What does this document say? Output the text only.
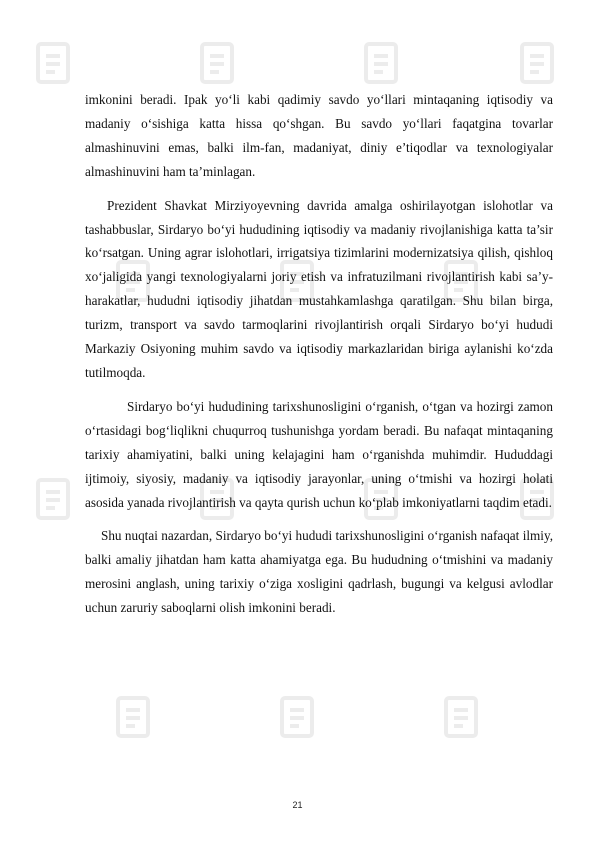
imkonini beradi. Ipak yo‘li kabi qadimiy savdo yo‘llari mintaqaning iqtisodiy va madaniy o‘sishiga katta hissa qo‘shgan. Bu savdo yo‘llari faqatgina tovarlar almashinuvini emas, balki ilm-fan, madaniyat, diniy e’tiqodlar va texnologiyalar almashinuvini ham ta’minlagan.

Prezident Shavkat Mirziyoyevning davrida amalga oshirilayotgan islohotlar va tashabbuslar, Sirdaryo bo‘yi hududining iqtisodiy va madaniy rivojlanishiga katta ta’sir ko‘rsatgan. Uning agrar islohotlari, irrigatsiya tizimlarini modernizatsiya qilish, qishloq xo‘jaligida yangi texnologiyalarni joriy etish va infratuzilmani rivojlantirish kabi sa’y-harakatlar, hududni iqtisodiy jihatdan mustahkamlashga qaratilgan. Shu bilan birga, turizm, transport va savdo tarmoqlarini rivojlantirish orqali Sirdaryo bo‘yi hududi Markaziy Osiyoning muhim savdo va iqtisodiy markazlaridan biriga aylanishi ko‘zda tutilmoqda.

Sirdaryo bo‘yi hududining tarixshunosligini o‘rganish, o‘tgan va hozirgi zamon o‘rtasidagi bog‘liqlikni chuqurroq tushunishga yordam beradi. Bu nafaqat mintaqaning tarixiy ahamiyatini, balki uning kelajagini ham o‘rganishda muhimdir. Hududdagi ijtimoiy, siyosiy, madaniy va iqtisodiy jarayonlar, uning o‘tmishi va hozirgi holati asosida yanada rivojlantirish va qayta qurish uchun ko‘plab imkoniyatlarni taqdim etadi.

Shu nuqtai nazardan, Sirdaryo bo‘yi hududi tarixshunosligini o‘rganish nafaqat ilmiy, balki amaliy jihatdan ham katta ahamiyatga ega. Bu hududning o‘tmishini va madaniy merosini anglash, uning tarixiy o‘ziga xosligini qadrlash, bugungi va kelgusi avlodlar uchun zaruriy saboqlarni olish imkonini beradi.

21
